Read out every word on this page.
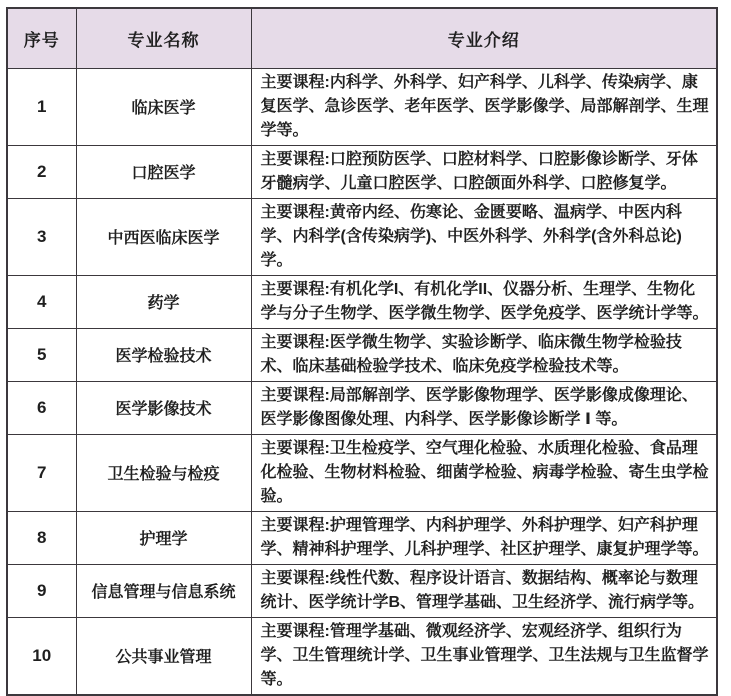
序号	专业名称	专业介绍
1	临床医学	主要课程:内科学、外科学、妇产科学、儿科学、传染病学、康复医学、急诊医学、老年医学、医学影像学、局部解剖学、生理学等。
2	口腔医学	主要课程:口腔预防医学、口腔材料学、口腔影像诊断学、牙体牙髓病学、儿童口腔医学、口腔颌面外科学、口腔修复学。
3	中西医临床医学	主要课程:黄帝内经、伤寒论、金匮要略、温病学、中医内科学、内科学(含传染病学)、中医外科学、外科学(含外科总论)学。
4	药学	主要课程:有机化学I、有机化学II、仪器分析、生理学、生物化学与分子生物学、医学微生物学、医学免疫学、医学统计学等。
5	医学检验技术	主要课程:医学微生物学、实验诊断学、临床微生物学检验技术、临床基础检验学技术、临床免疫学检验技术等。
6	医学影像技术	主要课程:局部解剖学、医学影像物理学、医学影像成像理论、医学影像图像处理、内科学、医学影像诊断学 Ⅰ 等。
7	卫生检验与检疫	主要课程:卫生检疫学、空气理化检验、水质理化检验、食品理化检验、生物材料检验、细菌学检验、病毒学检验、寄生虫学检验。
8	护理学	主要课程:护理管理学、内科护理学、外科护理学、妇产科护理学、精神科护理学、儿科护理学、社区护理学、康复护理学等。
9	信息管理与信息系统	主要课程:线性代数、程序设计语言、数据结构、概率论与数理统计、医学统计学B、管理学基础、卫生经济学、流行病学等。
10	公共事业管理	主要课程:管理学基础、微观经济学、宏观经济学、组织行为学、卫生管理统计学、卫生事业管理学、卫生法规与卫生监督学等。
